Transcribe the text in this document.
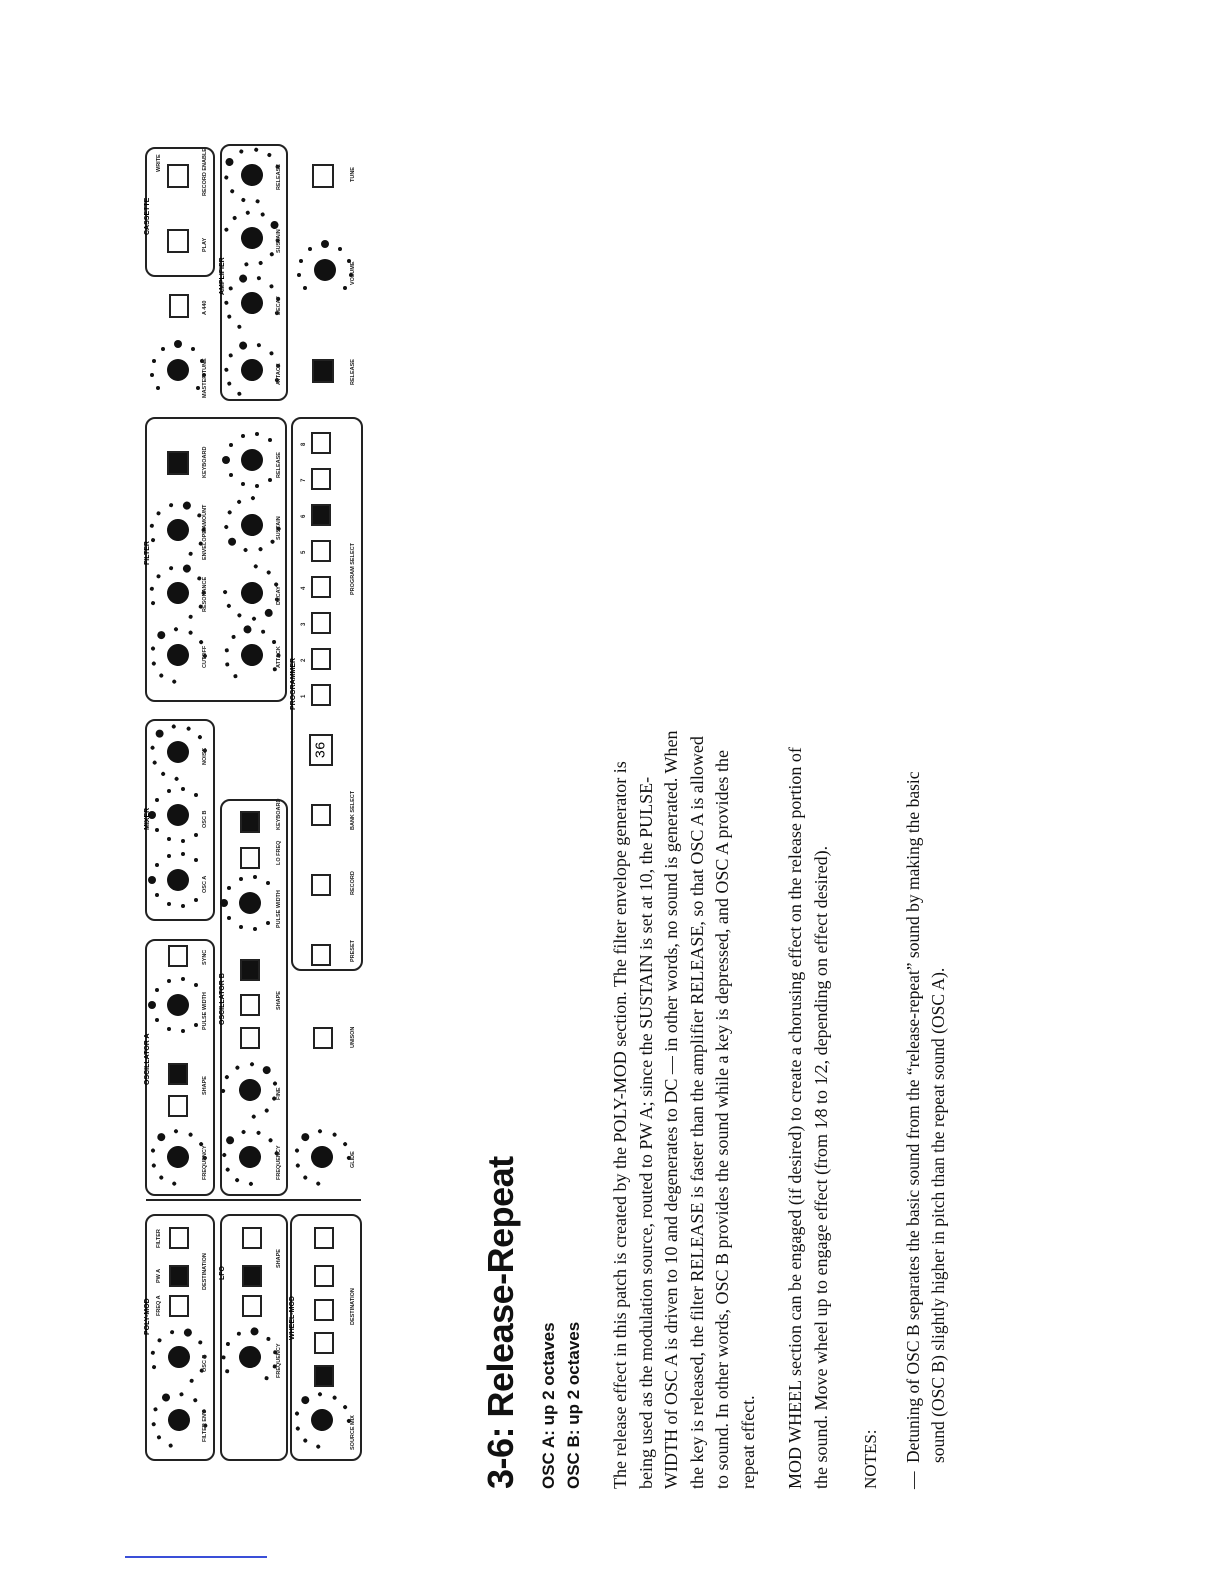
3-6: Release-Repeat OSC A: up 2 octaves OSC B: up 2 octaves The release effect in this patch is created by the POLY-MOD section. The filter envelope generator is being used as the modulation source, routed to PW A; since the SUSTAIN is set at 10, the PULSE-WIDTH of OSC A is driven to 10 and degenerates to DC — in other words, no sound is generated. When the key is released, the filter RELEASE is faster than the amplifier RELEASE, so that OSC A is allowed to sound. In other words, OSC B provides the sound while a key is depressed, and OSC A provides the repeat effect. MOD WHEEL section can be engaged (if desired) to create a chorusing effect on the release portion of the sound. Move wheel up to engage effect (from 1⁄8 to 1⁄2, depending on effect desired). NOTES: —
Detuning of OSC B separates the basic sound from the “release-repeat” sound by making the basic sound (OSC B) slightly higher in pitch than the repeat sound (OSC A).
36
POLY-MOD
LFO
WHEEL-MOD
OSCILLATOR A
OSCILLATOR B
MIXER
FILTER
PROGRAMMER
AMPLIFIER
CASSETTE
FILTER ENV
OSC B
FREQ A
PW A
FILTER
DESTINATION
FREQUENCY
SHAPE
SOURCE MIX
DESTINATION
FREQUENCY
SHAPE
PULSE WIDTH
SYNC
FREQUENCY
FINE
SHAPE
PULSE WIDTH
LO FREQ
KEYBOARD
GLIDE
UNISON
OSC A
OSC B
NOISE
PRESET
RECORD
BANK SELECT
PROGRAM SELECT
CUTOFF
RESONANCE
ENVELOPE AMOUNT
KEYBOARD
ATTACK
DECAY
SUSTAIN
RELEASE
MASTER TUNE
A 440
PLAY
RECORD ENABLE
WRITE
ATTACK
DECAY
SUSTAIN
RELEASE
RELEASE
VOLUME
TUNE
1
2
3
4
5
6
7
8
